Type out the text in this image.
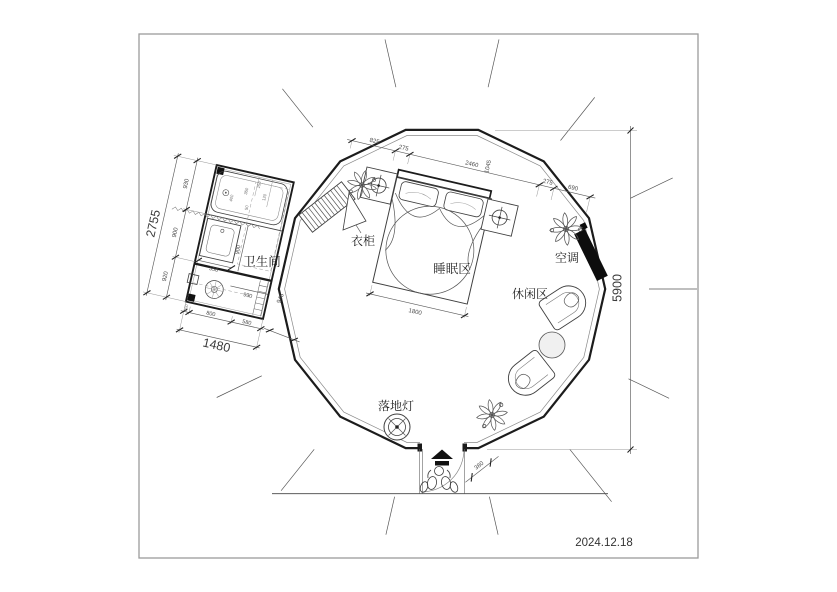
550
900
930
150
120
350
400
50
930
900
920
2755
100
800
580
1480
卫生间
945
衣柜
睡眠区
空调
休闲区
落地灯
825
275
2460 1045
275
690
1800
380
5900
2024.12.18
